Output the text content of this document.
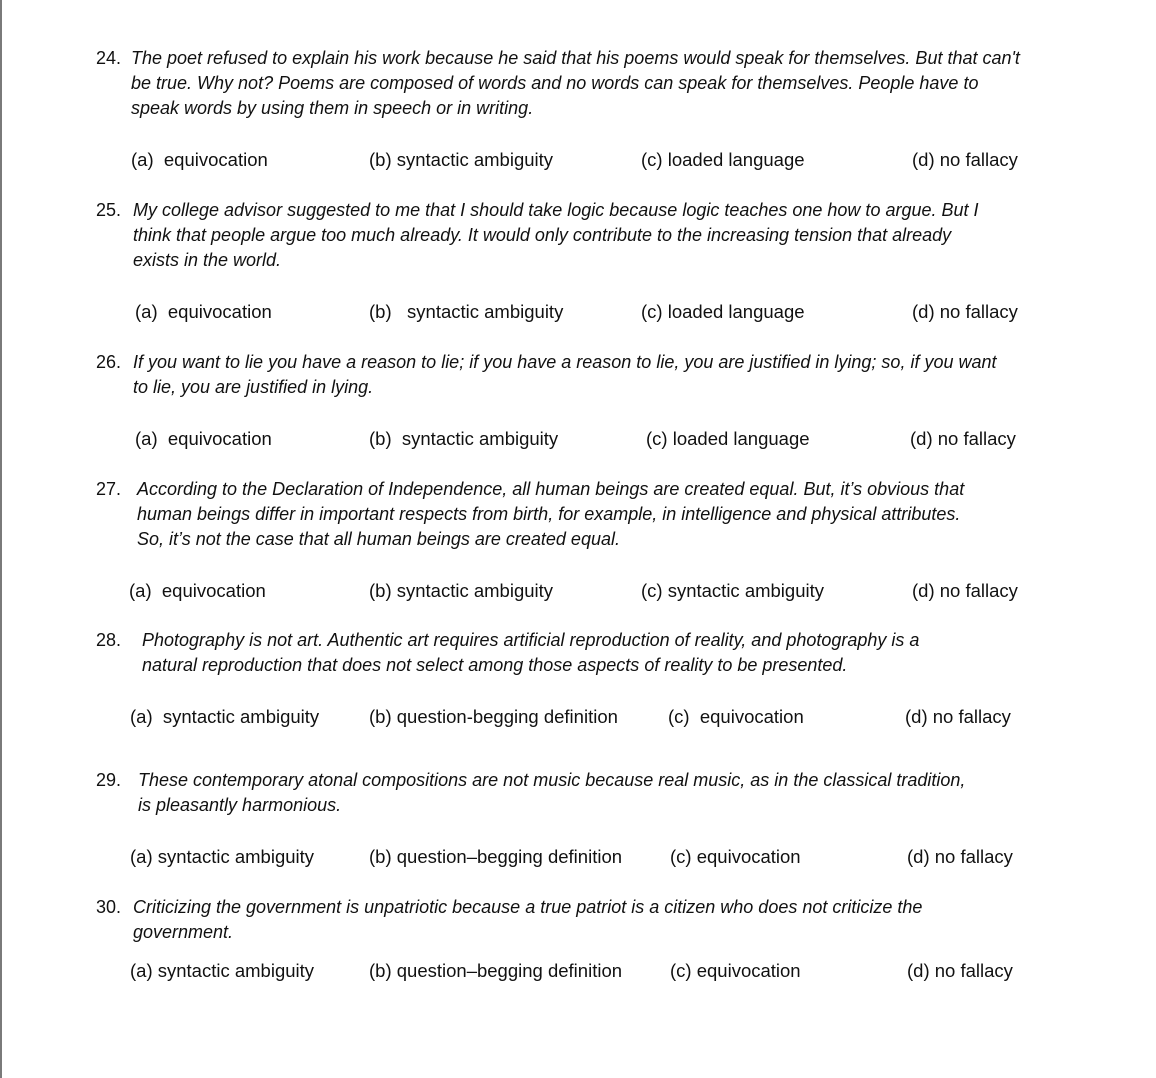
24. The poet refused to explain his work because he said that his poems would speak for themselves. But that can't
be true. Why not? Poems are composed of words and no words can speak for themselves. People have to
speak words by using them in speech or in writing.
(a)  equivocation	(b) syntactic ambiguity	(c) loaded language	(d) no fallacy
25. My college advisor suggested to me that I should take logic because logic teaches one how to argue. But I
think that people argue too much already. It would only contribute to the increasing tension that already
exists in the world.
(a)  equivocation	(b)   syntactic ambiguity	(c) loaded language	(d) no fallacy
26. If you want to lie you have a reason to lie; if you have a reason to lie, you are justified in lying; so, if you want
to lie, you are justified in lying.
(a)  equivocation	(b)  syntactic ambiguity	(c) loaded language	(d) no fallacy
27. According to the Declaration of Independence, all human beings are created equal. But, it’s obvious that
human beings differ in important respects from birth, for example, in intelligence and physical attributes.
So, it’s not the case that all human beings are created equal.
(a)  equivocation	(b) syntactic ambiguity	(c) syntactic ambiguity	(d) no fallacy
28. Photography is not art. Authentic art requires artificial reproduction of reality, and photography is a
natural reproduction that does not select among those aspects of reality to be presented.
(a)  syntactic ambiguity	(b) question-begging definition	(c)  equivocation	(d) no fallacy
29. These contemporary atonal compositions are not music because real music, as in the classical tradition,
is pleasantly harmonious.
(a) syntactic ambiguity	(b) question–begging definition	(c) equivocation	(d) no fallacy
30. Criticizing the government is unpatriotic because a true patriot is a citizen who does not criticize the
government.
(a) syntactic ambiguity	(b) question–begging definition	(c) equivocation	(d) no fallacy
